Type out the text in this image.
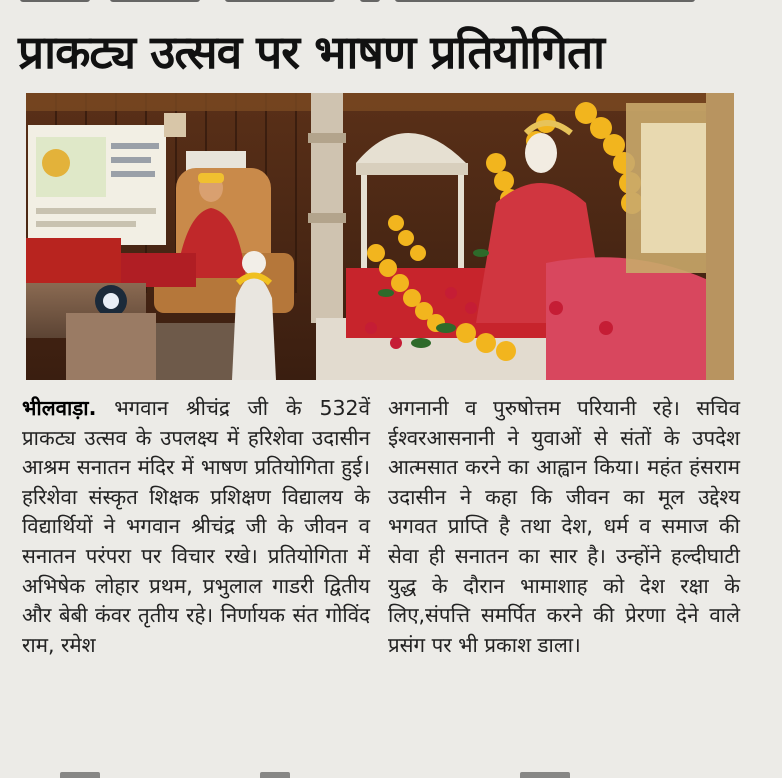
प्राकट्य उत्सव पर भाषण प्रतियोगिता
भीलवाड़ा. भगवान श्रीचंद्र जी के 532वें प्राकट्य उत्सव के उपलक्ष्य में हरिशेवा उदासीन आश्रम सनातन मंदिर में भाषण प्रतियोगिता हुई। हरिशेवा संस्कृत शिक्षक प्रशिक्षण विद्यालय के विद्यार्थियों ने भगवान श्रीचंद्र जी के जीवन व सनातन परंपरा पर विचार रखे। प्रतियोगिता में अभिषेक लोहार प्रथम, प्रभुलाल गाडरी द्वितीय और बेबी कंवर तृतीय रहे। निर्णायक संत गोविंद राम, रमेश
अगनानी व पुरुषोत्तम परियानी रहे। सचिव ईश्वरआसनानी ने युवाओं से संतों के उपदेश आत्मसात करने का आह्वान किया। महंत हंसराम उदासीन ने कहा कि जीवन का मूल उद्देश्य भगवत प्राप्ति है तथा देश, धर्म व समाज की सेवा ही सनातन का सार है। उन्होंने हल्दीघाटी युद्ध के दौरान भामाशाह को देश रक्षा के लिए,संपत्ति समर्पित करने की प्रेरणा देने वाले प्रसंग पर भी प्रकाश डाला।
